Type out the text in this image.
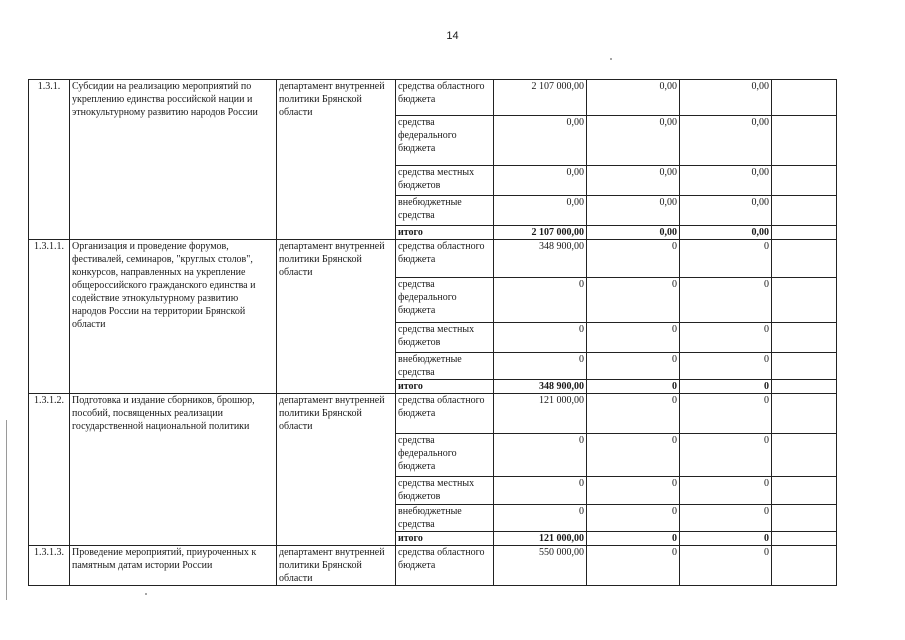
14
1.3.1.	Субсидии на реализацию мероприятий по укреплению единства российской нации и этнокультурному развитию народов России	департамент внутренней политики Брянской области	средства областного бюджета	2 107 000,00	0,00	0,00	
			средства федерального бюджета	0,00	0,00	0,00	
			средства местных бюджетов	0,00	0,00	0,00	
			внебюджетные средства	0,00	0,00	0,00	
			итого	2 107 000,00	0,00	0,00	
1.3.1.1.	Организация и проведение форумов, фестивалей, семинаров, "круглых столов", конкурсов, направленных на укрепление общероссийского гражданского единства и содействие этнокультурному развитию народов России на территории Брянской области	департамент внутренней политики Брянской области	средства областного бюджета	348 900,00	0	0	
			средства федерального бюджета	0	0	0	
			средства местных бюджетов	0	0	0	
			внебюджетные средства	0	0	0	
			итого	348 900,00	0	0	
1.3.1.2.	Подготовка и издание сборников, брошюр, пособий, посвященных реализации государственной национальной политики	департамент внутренней политики Брянской области	средства областного бюджета	121 000,00	0	0	
			средства федерального бюджета	0	0	0	
			средства местных бюджетов	0	0	0	
			внебюджетные средства	0	0	0	
			итого	121 000,00	0	0	
1.3.1.3.	Проведение мероприятий, приуроченных к памятным датам истории России	департамент внутренней политики Брянской области	средства областного бюджета	550 000,00	0	0	
